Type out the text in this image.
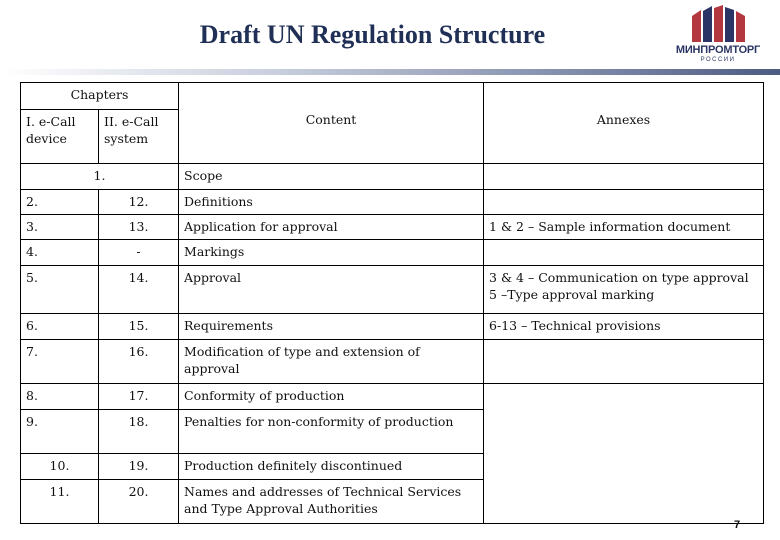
Draft UN Regulation Structure
МИНПРОМТОРГ
РОССИИ
Chapters		Content	Annexes
I. e-Call device	II. e-Call system		
1.		Scope	
2.	12.	Definitions	
3.	13.	Application for approval	1 & 2 – Sample information document
4.	-	Markings	
5.	14.	Approval	3 & 4 – Communication on type approval
5 –Type approval marking

6.	15.	Requirements	6-13 – Technical provisions
7.	16.	Modification of type and extension of approval	
8.	17.	Conformity of production	
9.	18.	Penalties for non-conformity of production	
10.	19.	Production definitely discontinued	
11.	20.	Names and addresses of Technical Services and Type Approval Authorities	
7
